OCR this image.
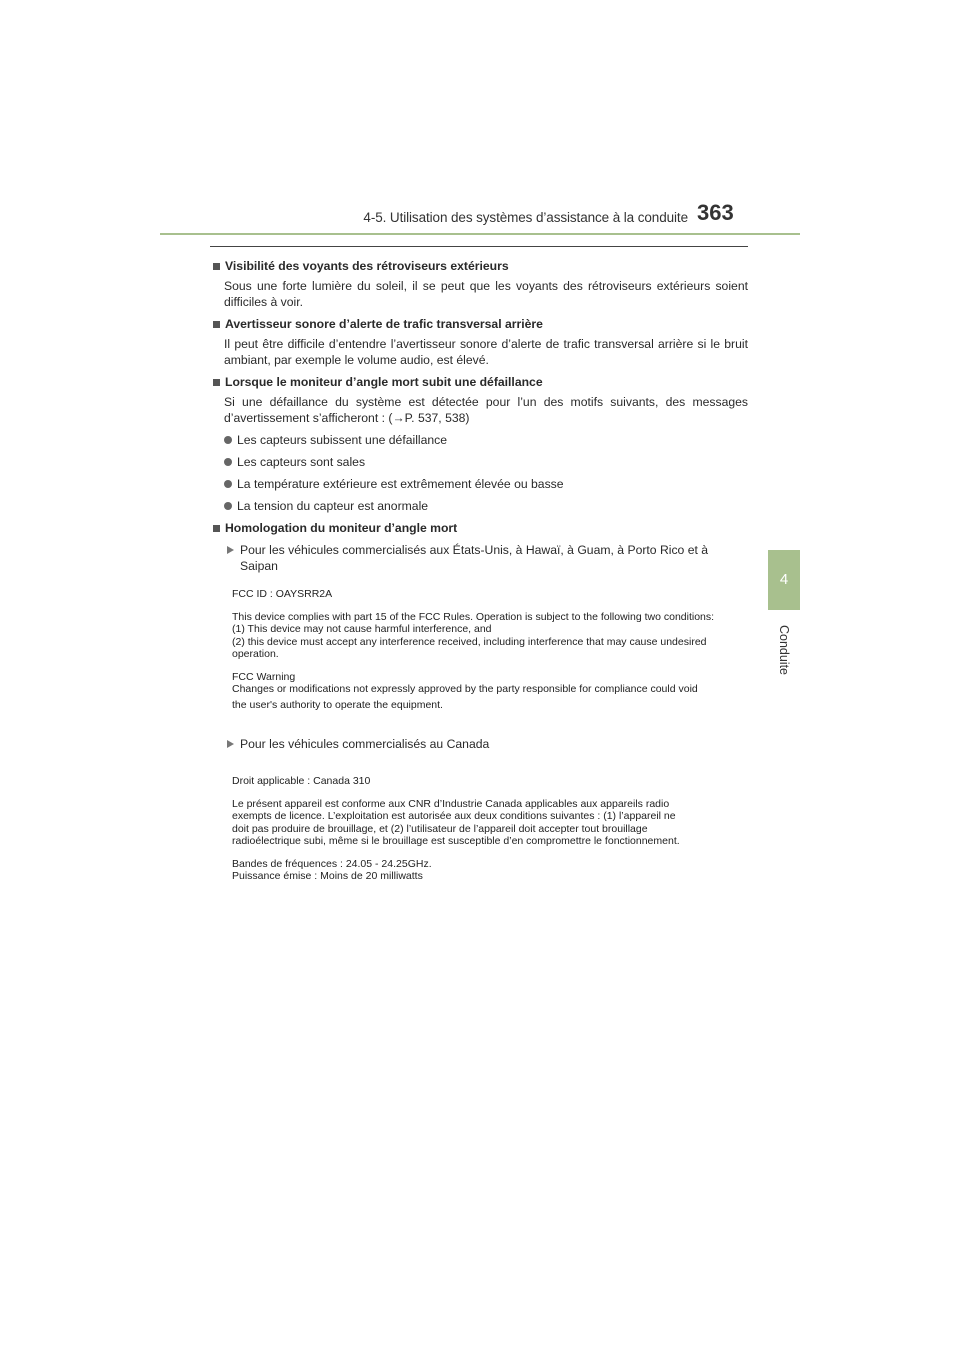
4-5. Utilisation des systèmes d’assistance à la conduite 363
4
Conduite
Visibilité des voyants des rétroviseurs extérieurs

Sous une forte lumière du soleil, il se peut que les voyants des rétroviseurs extérieurs soient difficiles à voir.

Avertisseur sonore d’alerte de trafic transversal arrière

Il peut être difficile d’entendre l’avertisseur sonore d’alerte de trafic transversal arrière si le bruit ambiant, par exemple le volume audio, est élevé.

Lorsque le moniteur d’angle mort subit une défaillance

Si une défaillance du système est détectée pour l’un des motifs suivants, des messages d’avertissement s’afficheront : (→P. 537, 538)

Les capteurs subissent une défaillance
Les capteurs sont sales
La température extérieure est extrêmement élevée ou basse
La tension du capteur est anormale
Homologation du moniteur d’angle mort
Pour les véhicules commercialisés aux États-Unis, à Hawaï, à Guam, à Porto Rico et à Saipan
FCC ID : OAYSRR2A
This device complies with part 15 of the FCC Rules. Operation is subject to the following two conditions:
(1) This device may not cause harmful interference, and
(2) this device must accept any interference received, including interference that may cause undesired
operation.
FCC Warning
Changes or modifications not expressly approved by the party responsible for compliance could void
the user's authority to operate the equipment.
Pour les véhicules commercialisés au Canada
Droit applicable : Canada 310
Le présent appareil est conforme aux CNR d’Industrie Canada applicables aux appareils radio
exempts de licence. L’exploitation est autorisée aux deux conditions suivantes : (1) l’appareil ne
doit pas produire de brouillage, et (2) l’utilisateur de l’appareil doit accepter tout brouillage
radioélectrique subi, même si le brouillage est susceptible d’en compromettre le fonctionnement.
Bandes de fréquences : 24.05 - 24.25GHz.
Puissance émise : Moins de 20 milliwatts
